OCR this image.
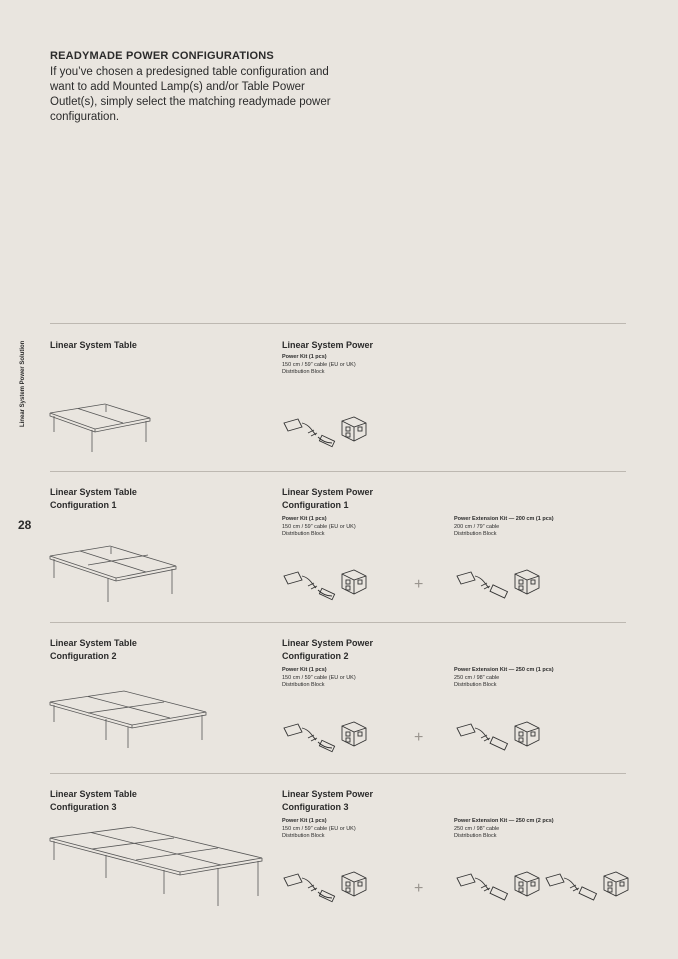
READYMADE POWER CONFIGURATIONS
If you’ve chosen a predesigned table configuration and want to add Mounted Lamp(s) and/or Table Power Outlet(s), simply select the matching readymade power configuration.
Linear System Power Solution
28
Linear System Table	Linear System Power
Power Kit (1 pcs)
150 cm / 59” cable (EU or UK)
Distribution Block
Linear System Table
Configuration 1
Linear System Power
Configuration 1
Power Kit (1 pcs)
150 cm / 59” cable (EU or UK)
Distribution Block
Power Extension Kit — 200 cm (1 pcs)
200 cm / 79” cable
Distribution Block
+
Linear System Table
Configuration 2
Linear System Power
Configuration 2
Power Kit (1 pcs)
150 cm / 59” cable (EU or UK)
Distribution Block
Power Extension Kit — 250 cm (1 pcs)
250 cm / 98” cable
Distribution Block
+
Linear System Table
Configuration 3
Linear System Power
Configuration 3
Power Kit (1 pcs)
150 cm / 59” cable (EU or UK)
Distribution Block
Power Extension Kit — 250 cm (2 pcs)
250 cm / 98” cable
Distribution Block
+
